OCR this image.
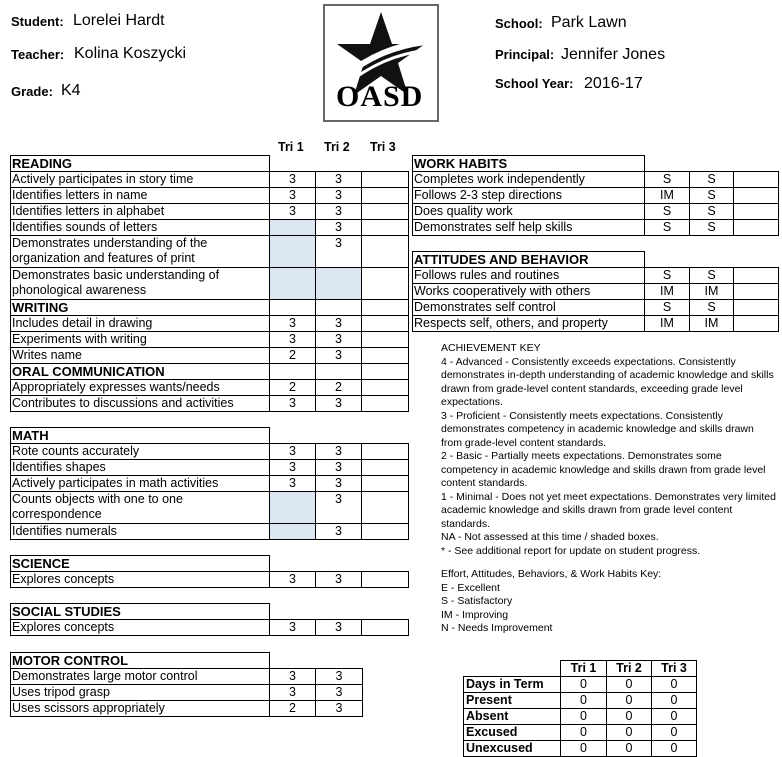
Student: Lorelei Hardt
Teacher: Kolina Koszycki
Grade: K4	OASD
School: Park Lawn
Principal: Jennifer Jones
School Year: 2016-17
Tri 1 Tri 2 Tri 3
READING			
Actively participates in story time	3	3	
Identifies letters in name	3	3	
Identifies letters in alphabet	3	3	
Identifies sounds of letters		3	
Demonstrates understanding of the organization and features of print		3	
Demonstrates basic understanding of phonological awareness			
WRITING			
Includes detail in drawing	3	3	
Experiments with writing	3	3	
Writes name	2	3	
ORAL COMMUNICATION			
Appropriately expresses wants/needs	2	2	
Contributes to discussions and activities	3	3	
MATH			
Rote counts accurately	3	3	
Identifies shapes	3	3	
Actively participates in math activities	3	3	
Counts objects with one to one correspondence		3	
Identifies numerals		3	
SCIENCE			
Explores concepts	3	3	
SOCIAL STUDIES			
Explores concepts	3	3	
MOTOR CONTROL		
Demonstrates large motor control	3	3
Uses tripod grasp	3	3
Uses scissors appropriately	2	3
WORK HABITS			
Completes work independently	S	S	
Follows 2-3 step directions	IM	S	
Does quality work	S	S	
Demonstrates self help skills	S	S	
ATTITUDES AND BEHAVIOR			
Follows rules and routines	S	S	
Works cooperatively with others	IM	IM	
Demonstrates self control	S	S	
Respects self, others, and property	IM	IM	
ACHIEVEMENT KEY
4 - Advanced - Consistently exceeds expectations. Consistently demonstrates in-depth understanding of academic knowledge and skills drawn from grade-level content standards, exceeding grade level expectations.
3 - Proficient - Consistently meets expectations. Consistently demonstrates competency in academic knowledge and skills drawn from grade-level content standards.
2 - Basic - Partially meets expectations. Demonstrates some competency in academic knowledge and skills drawn from grade level content standards.
1 - Minimal - Does not yet meet expectations. Demonstrates very limited academic knowledge and skills drawn from grade level content standards.
NA - Not assessed at this time / shaded boxes.
* - See additional report for update on student progress.
Effort, Attitudes, Behaviors, & Work Habits Key:
E - Excellent
S - Satisfactory
IM - Improving
N - Needs Improvement
	Tri 1	Tri 2	Tri 3
Days in Term	0	0	0
Present	0	0	0
Absent	0	0	0
Excused	0	0	0
Unexcused	0	0	0
